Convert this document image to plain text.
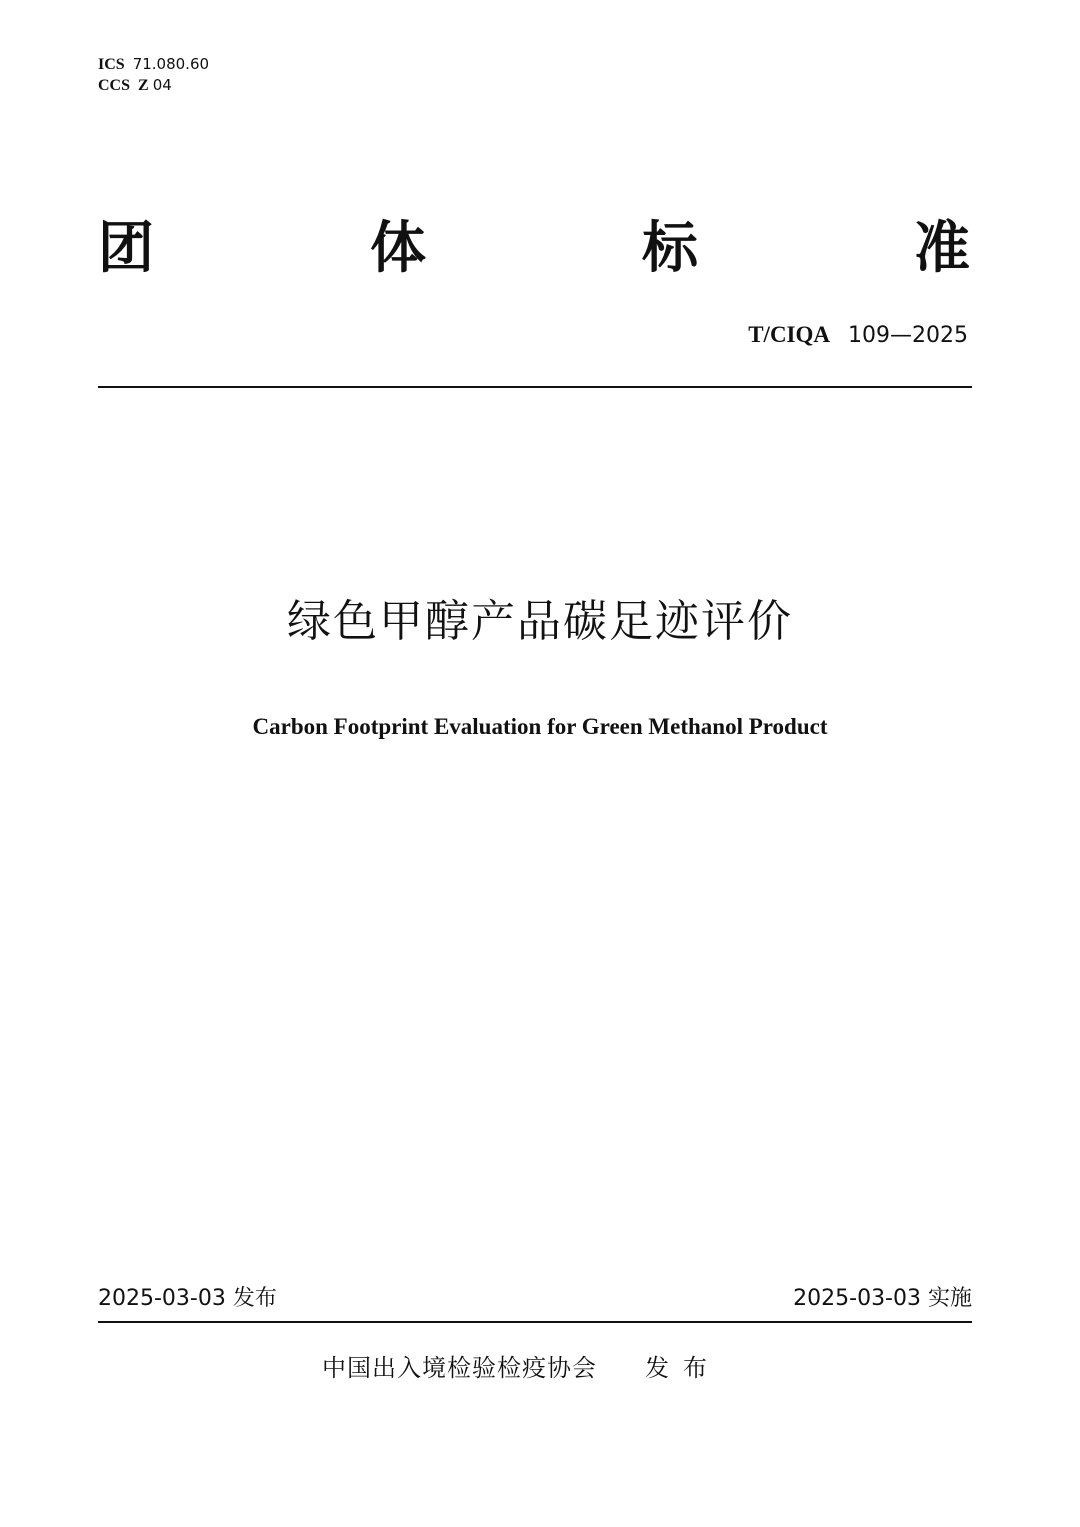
ICS 71.080.60
CCS Z 04
团	体	标	准
T/CIQA 109—2025
绿色甲醇产品碳足迹评价
Carbon Footprint Evaluation for Green Methanol Product
2025-03-03 发布	2025-03-03 实施
中国出入境检验检疫协会 发布
